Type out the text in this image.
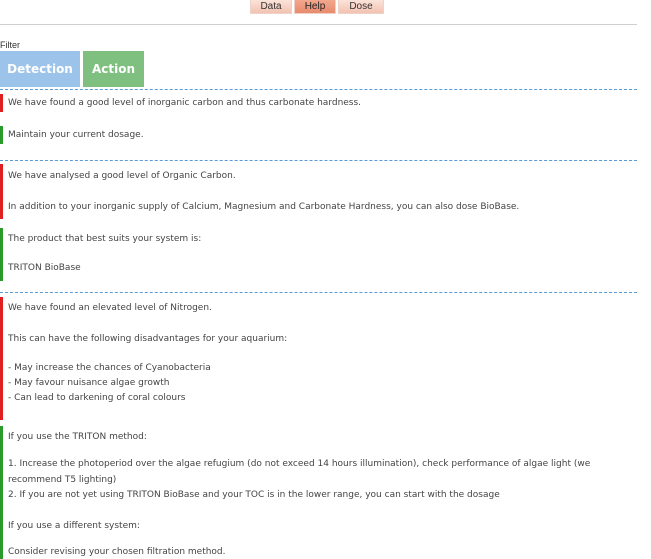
Data	Help	Dose
Filter
Detection	Action
We have found a good level of inorganic carbon and thus carbonate hardness.
Maintain your current dosage.
We have analysed a good level of Organic Carbon.
In addition to your inorganic supply of Calcium, Magnesium and Carbonate Hardness, you can also dose BioBase.
The product that best suits your system is:
TRITON BioBase
We have found an elevated level of Nitrogen.
This can have the following disadvantages for your aquarium:
- May increase the chances of Cyanobacteria
- May favour nuisance algae growth
- Can lead to darkening of coral colours
If you use the TRITON method:
1. Increase the photoperiod over the algae refugium (do not exceed 14 hours illumination), check performance of algae light (we recommend T5 lighting)
2. If you are not yet using TRITON BioBase and your TOC is in the lower range, you can start with the dosage
If you use a different system:
Consider revising your chosen filtration method.
